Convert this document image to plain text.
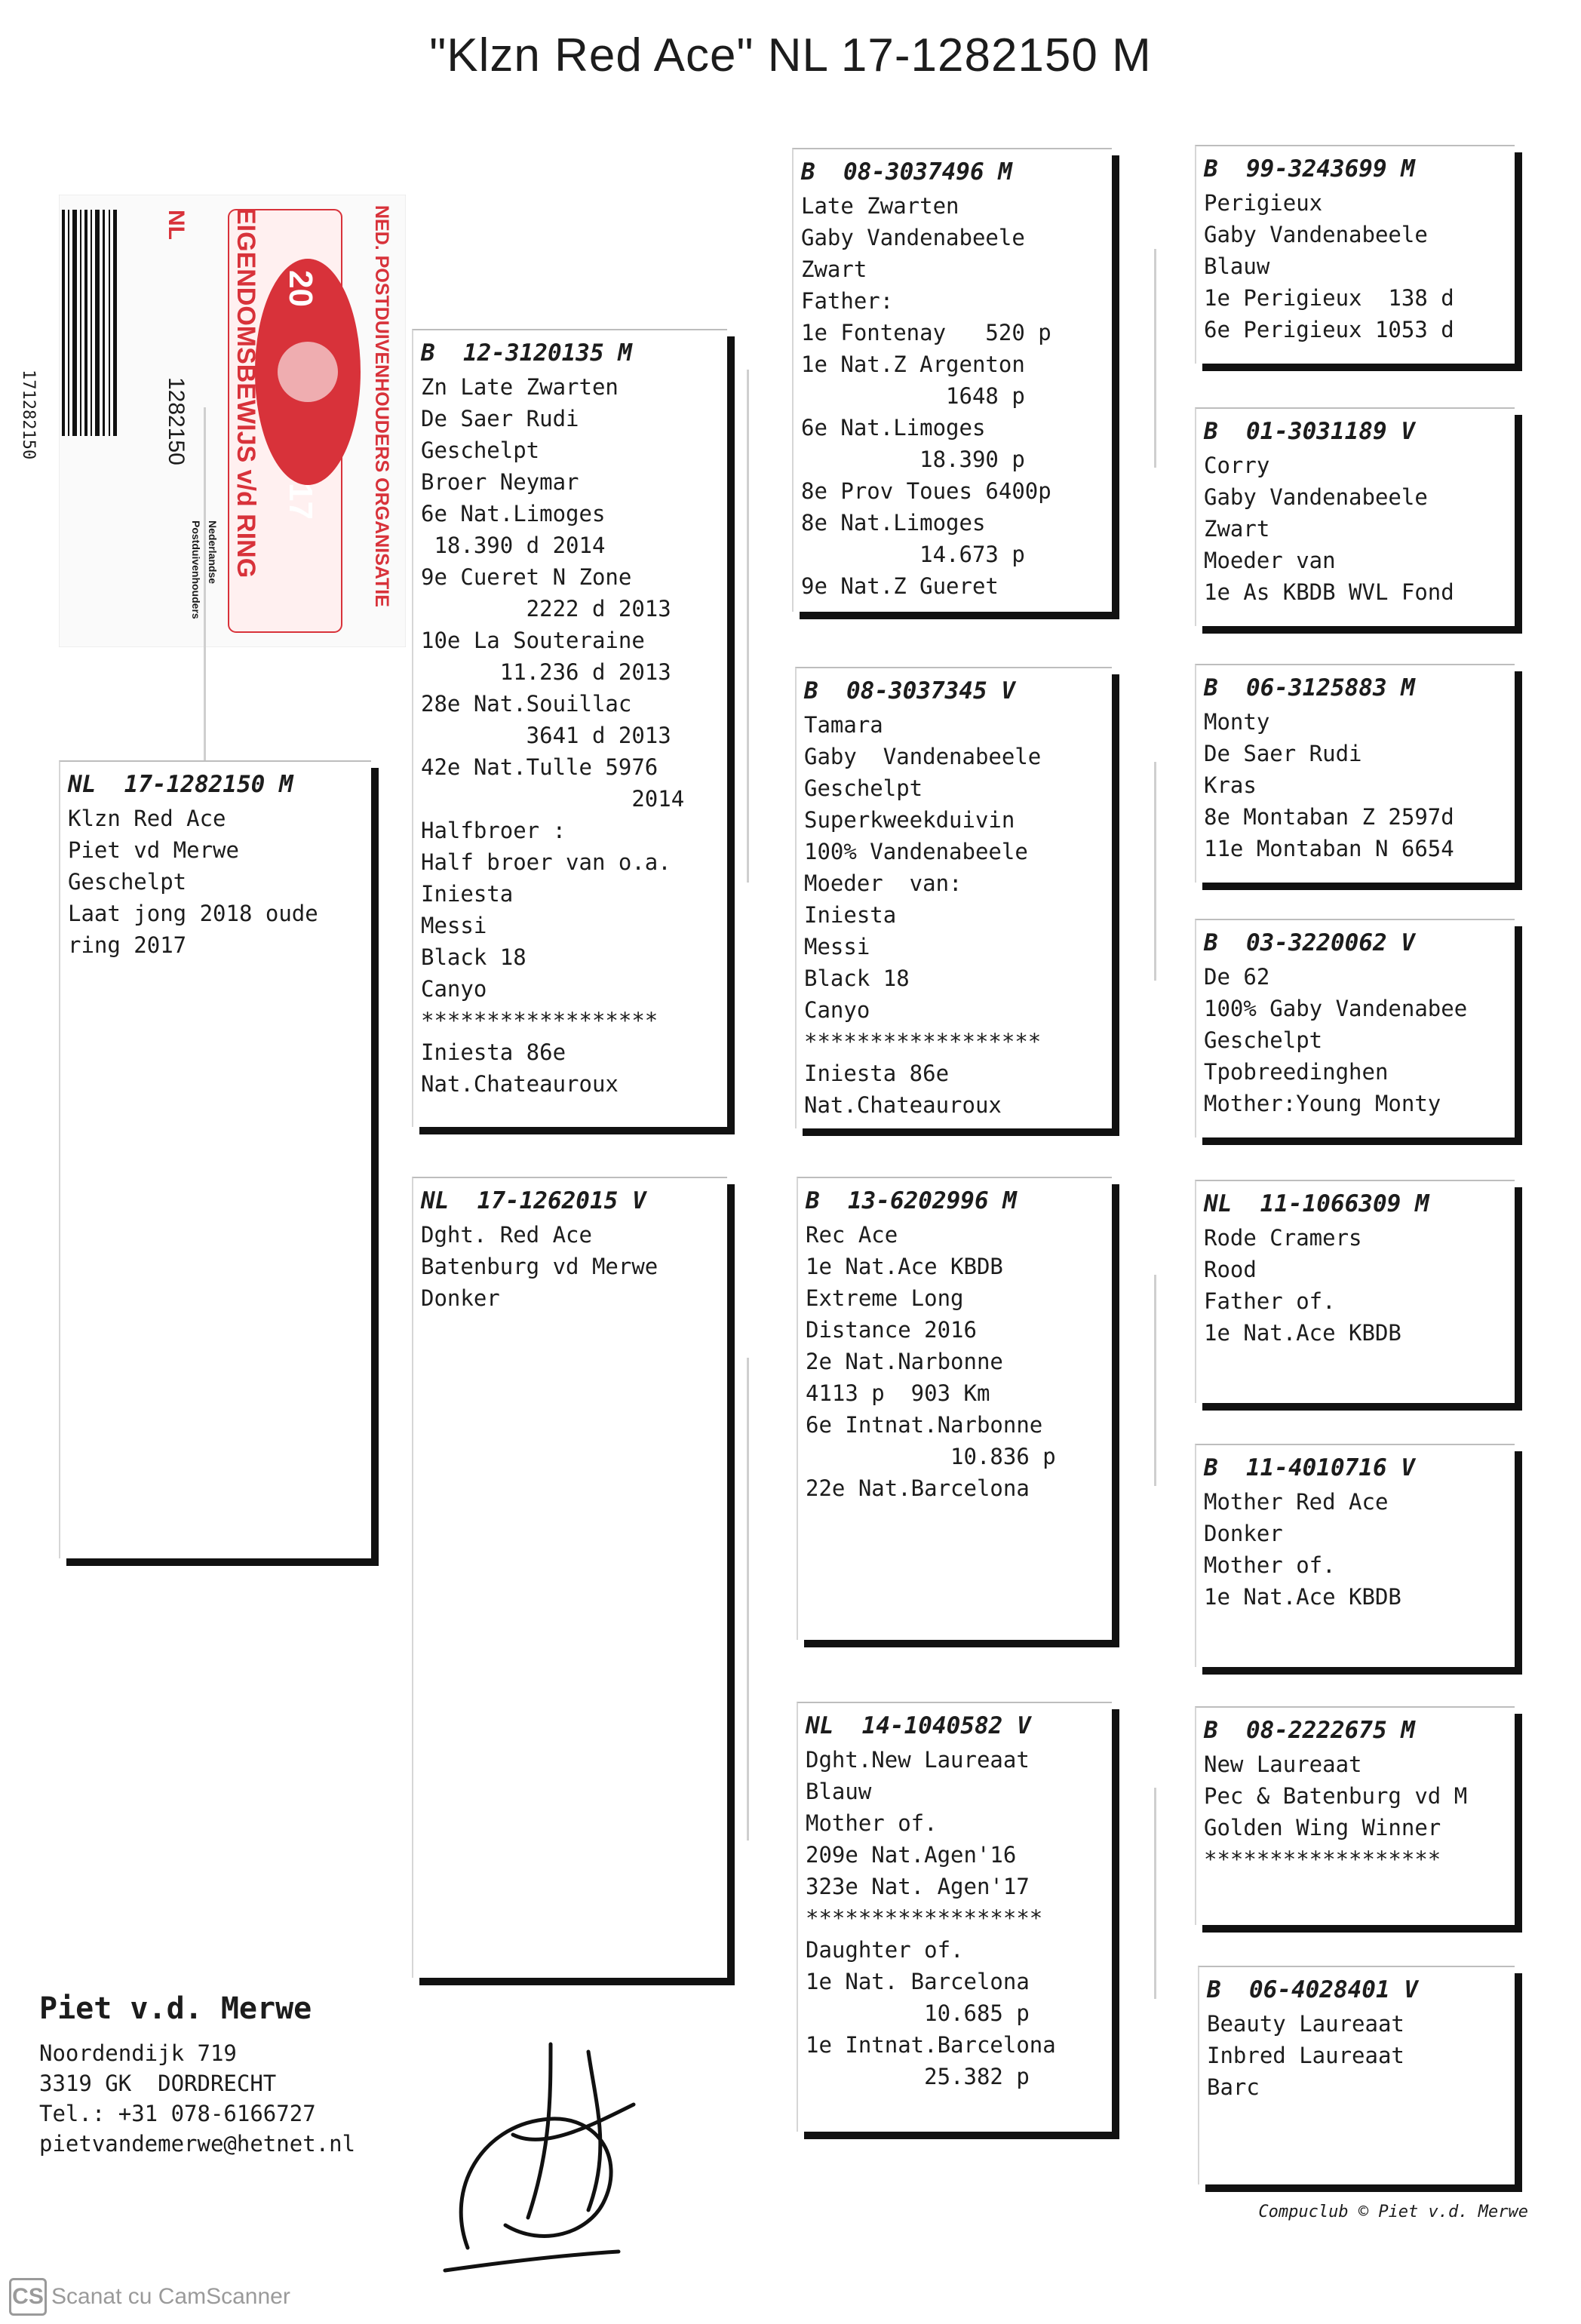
"Klzn Red Ace" NL 17-1282150 M
171282150	NED. POSTDUIVENHOUDERS ORGANISATIE
EIGENDOMSBEWIJS v/d RING 20
17
NL
1282150
Nederlandse
Postduivenhouders
NL  17-1282150 M
Klzn Red Ace
Piet vd Merwe
Geschelpt
Laat jong 2018 oude
ring 2017
B  12-3120135 M
Zn Late Zwarten
De Saer Rudi
Geschelpt
Broer Neymar
6e Nat.Limoges
18.390 d 2014
9e Cueret N Zone
2222 d 2013
10e La Souteraine
11.236 d 2013
28e Nat.Souillac
3641 d 2013
42e Nat.Tulle 5976
2014
Halfbroer :
Half broer van o.a.
Iniesta
Messi
Black 18
Canyo
******************
Iniesta 86e
Nat.Chateauroux
NL  17-1262015 V
Dght. Red Ace
Batenburg vd Merwe
Donker
B  08-3037496 M
Late Zwarten
Gaby Vandenabeele
Zwart
Father:
1e Fontenay   520 p
1e Nat.Z Argenton
1648 p
6e Nat.Limoges
18.390 p
8e Prov Toues 6400p
8e Nat.Limoges
14.673 p
9e Nat.Z Gueret
B  08-3037345 V
Tamara
Gaby  Vandenabeele
Geschelpt
Superkweekduivin
100% Vandenabeele
Moeder  van:
Iniesta
Messi
Black 18
Canyo
******************
Iniesta 86e
Nat.Chateauroux
B  13-6202996 M
Rec Ace
1e Nat.Ace KBDB
Extreme Long
Distance 2016
2e Nat.Narbonne
4113 p  903 Km
6e Intnat.Narbonne
10.836 p
22e Nat.Barcelona
NL  14-1040582 V
Dght.New Laureaat
Blauw
Mother of.
209e Nat.Agen'16
323e Nat. Agen'17
******************
Daughter of.
1e Nat. Barcelona
10.685 p
1e Intnat.Barcelona
25.382 p
B  99-3243699 M
Perigieux
Gaby Vandenabeele
Blauw
1e Perigieux  138 d
6e Perigieux 1053 d
B  01-3031189 V
Corry
Gaby Vandenabeele
Zwart
Moeder van
1e As KBDB WVL Fond
B  06-3125883 M
Monty
De Saer Rudi
Kras
8e Montaban Z 2597d
11e Montaban N 6654
B  03-3220062 V
De 62
100% Gaby Vandenabee
Geschelpt
Tpobreedinghen
Mother:Young Monty
NL  11-1066309 M
Rode Cramers
Rood
Father of.
1e Nat.Ace KBDB
B  11-4010716 V
Mother Red Ace
Donker
Mother of.
1e Nat.Ace KBDB
B  08-2222675 M
New Laureaat
Pec & Batenburg vd M
Golden Wing Winner
******************
B  06-4028401 V
Beauty Laureaat
Inbred Laureaat
Barc
Piet v.d. Merwe
Noordendijk 719
3319 GK  DORDRECHT
Tel.: +31 078-6166727
pietvandemerwe@hetnet.nl
Compuclub © Piet v.d. Merwe
CS Scanat cu CamScanner
